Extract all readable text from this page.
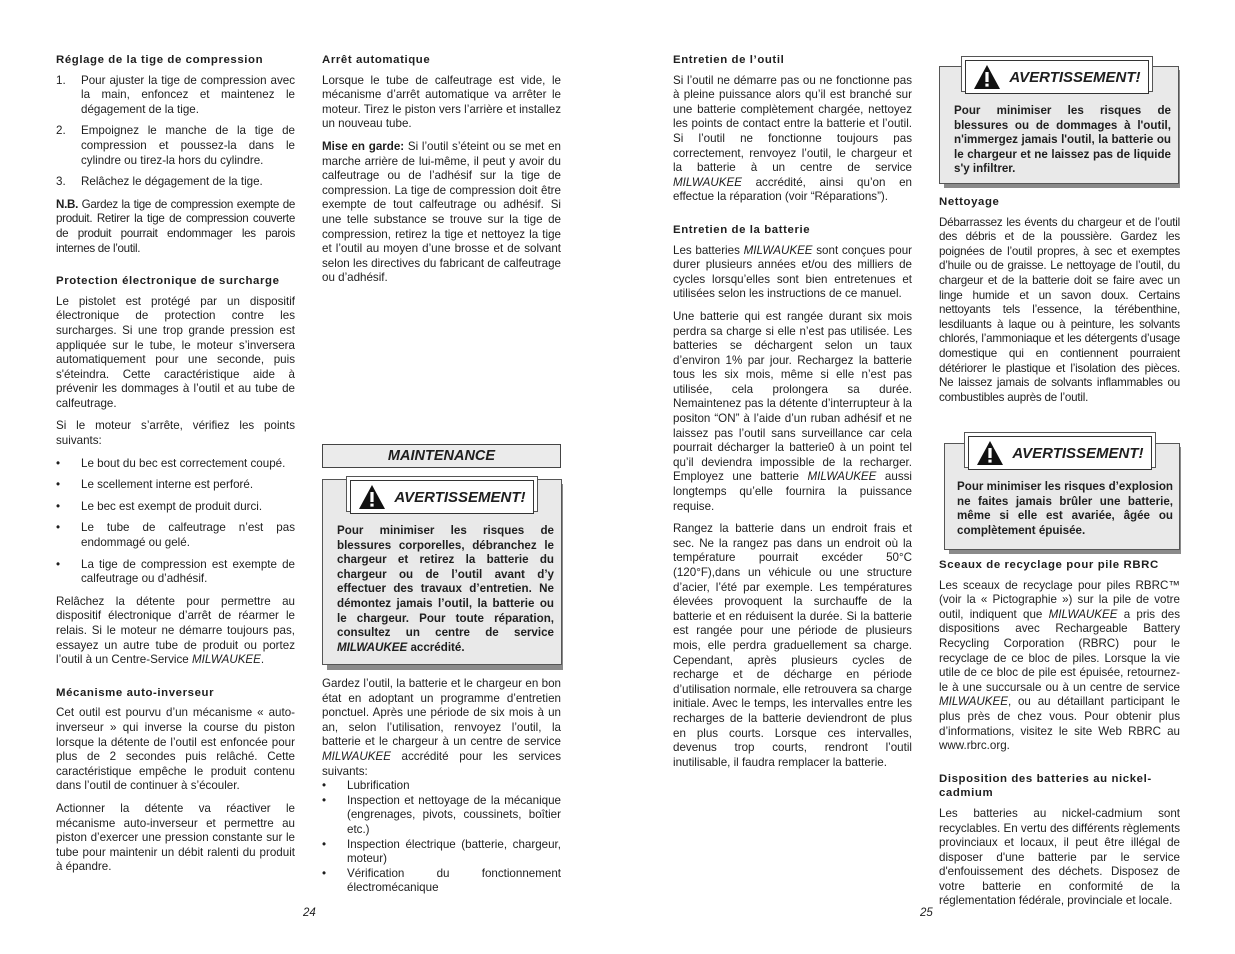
Réglage de la tige de compression
1. Pour ajuster la tige de compression avec la main, enfoncez et maintenez le dégagement de la tige.
2. Empoignez le manche de la tige de compression et poussez-la dans le cylindre ou tirez-la hors du cylindre.
3. Relâchez le dégagement de la tige.

N.B. Gardez la tige de compression exempte de produit. Retirer la tige de compression couverte de produit pourrait endommager les parois internes de l’outil.

Protection électronique de surcharge

Le pistolet est protégé par un dispositif électronique de protection contre les surcharges. Si une trop grande pression est appliquée sur le tube, le moteur s’inversera automatiquement pour une seconde, puis s'éteindra. Cette caractéristique aide à prévenir les dommages à l’outil et au tube de calfeutrage.

Si le moteur s’arrête, vérifiez les points suivants:

• Le bout du bec est correctement coupé.
• Le scellement interne est perforé.
• Le bec est exempt de produit durci.
• Le tube de calfeutrage n’est pas endommagé ou gelé.
• La tige de compression est exempte de calfeutrage ou d’adhésif.

Relâchez la détente pour permettre au dispositif électronique d’arrêt de réarmer le relais. Si le moteur ne démarre toujours pas, essayez un autre tube de produit ou portez l’outil à un Centre-Service MILWAUKEE.

Mécanisme auto-inverseur

Cet outil est pourvu d’un mécanisme « auto-inverseur » qui inverse la course du piston lorsque la détente de l’outil est enfoncée pour plus de 2 secondes puis relâché. Cette caractéristique empêche le produit contenu dans l’outil de continuer à s’écouler.

Actionner la détente va réactiver le mécanisme auto-inverseur et permettre au piston d’exercer une pression constante sur le tube pour maintenir un débit ralenti du produit à épandre.

Arrêt automatique

Lorsque le tube de calfeutrage est vide, le mécanisme d’arrêt automatique va arrêter le moteur. Tirez le piston vers l’arrière et installez un nouveau tube.

Mise en garde: Si l’outil s’éteint ou se met en marche arrière de lui-même, il peut y avoir du calfeutrage ou de l’adhésif sur la tige de compression. La tige de compression doit être exempte de tout calfeutrage ou adhésif. Si une telle substance se trouve sur la tige de compression, retirez la tige et nettoyez la tige et l’outil au moyen d’une brosse et de solvant selon les directives du fabricant de calfeutrage ou d’adhésif.

MAINTENANCE

Pour minimiser les risques de blessures corporelles, débranchez le chargeur et retirez la batterie du chargeur ou de l’outil avant d’y effectuer des travaux d’entretien. Ne démontez jamais l’outil, la batterie ou le chargeur. Pour toute réparation, consultez un centre de service MILWAUKEE accrédité.

AVERTISSEMENT!

Gardez l’outil, la batterie et le chargeur en bon état en adoptant un programme d’entretien ponctuel. Après une période de six mois à un an, selon l’utilisation, renvoyez l’outil, la batterie et le chargeur à un centre de service MILWAUKEE accrédité pour les services suivants:

• Lubrification
• Inspection et nettoyage de la mécanique (engrenages, pivots, coussinets, boîtier etc.)
• Inspection électrique (batterie, chargeur, moteur)
• Vérification du fonctionnement électromécanique
24
Entretien de l’outil

Si l’outil ne démarre pas ou ne fonctionne pas à pleine puissance alors qu’il est branché sur une batterie complètement chargée, nettoyez les points de contact entre la batterie et l’outil. Si l’outil ne fonctionne toujours pas correctement, renvoyez l’outil, le chargeur et la batterie à un centre de service MILWAUKEE accrédité, ainsi qu’on en effectue la réparation (voir “Réparations”).

Entretien de la batterie

Les batteries MILWAUKEE sont conçues pour durer plusieurs années et/ou des milliers de cycles lorsqu’elles sont bien entretenues et utilisées selon les instructions de ce manuel.

Une batterie qui est rangée durant six mois perdra sa charge si elle n’est pas utilisée. Les batteries se déchargent selon un taux d’environ 1% par jour. Rechargez la batterie tous les six mois, même si elle n’est pas utilisée, cela prolongera sa durée. Nemaintenez pas la détente d’interrupteur à la positon “ON” à l’aide d’un ruban adhésif et ne laissez pas l’outil sans surveillance car cela pourrait décharger la batterie0 à un point tel qu’il deviendra impossible de la recharger. Employez une batterie MILWAUKEE aussi longtemps qu’elle fournira la puissance requise.

Rangez la batterie dans un endroit frais et sec. Ne la rangez pas dans un endroit où la température pourrait excéder 50°C (120°F),dans un véhicule ou une structure d’acier, l’été par exemple. Les températures élevées provoquent la surchauffe de la batterie et en réduisent la durée. Si la batterie est rangée pour une période de plusieurs mois, elle perdra graduellement sa charge. Cependant, après plusieurs cycles de recharge et de décharge en période d’utilisation normale, elle retrouvera sa charge initiale. Avec le temps, les intervalles entre les recharges de la batterie deviendront de plus en plus courts. Lorsque ces intervalles, devenus trop courts, rendront l’outil inutilisable, il faudra remplacer la batterie.

Pour minimiser les risques de blessures ou de dommages à l'outil, n'immergez jamais l'outil, la batterie ou le chargeur et ne laissez pas de liquide s'y infiltrer.

AVERTISSEMENT!
Nettoyage

Débarrassez les évents du chargeur et de l’outil des débris et de la poussière. Gardez les poignées de l’outil propres, à sec et exemptes d’huile ou de graisse. Le nettoyage de l’outil, du chargeur et de la batterie doit se faire avec un linge humide et un savon doux. Certains nettoyants tels l’essence, la térébenthine, lesdiluants à laque ou à peinture, les solvants chlorés, l’ammoniaque et les détergents d’usage domestique qui en contiennent pourraient détériorer le plastique et l’isolation des pièces. Ne laissez jamais de solvants inflammables ou combustibles auprès de l’outil.

Pour minimiser les risques d’explosion ne faites jamais brûler une batterie, même si elle est avariée, âgée ou complètement épuisée.

AVERTISSEMENT!
Sceaux de recyclage pour pile RBRC

Les sceaux de recyclage pour piles RBRC™ (voir la « Pictographie ») sur la pile de votre outil, indiquent que MILWAUKEE a pris des dispositions avec Rechargeable Battery Recycling Corporation (RBRC) pour le recyclage de ce bloc de piles. Lorsque la vie utile de ce bloc de pile est épuisée, retournez-le à une succursale ou à un centre de service MILWAUKEE, ou au détaillant participant le plus près de chez vous. Pour obtenir plus d’informations, visitez le site Web RBRC au www.rbrc.org.

Disposition des batteries au nickel-cadmium

Les batteries au nickel-cadmium sont recyclables. En vertu des différents règlements provinciaux et locaux, il peut être illégal de disposer d'une batterie par le service d'enfouissement des déchets. Disposez de votre batterie en conformité de la réglementation fédérale, provinciale et locale.

25
